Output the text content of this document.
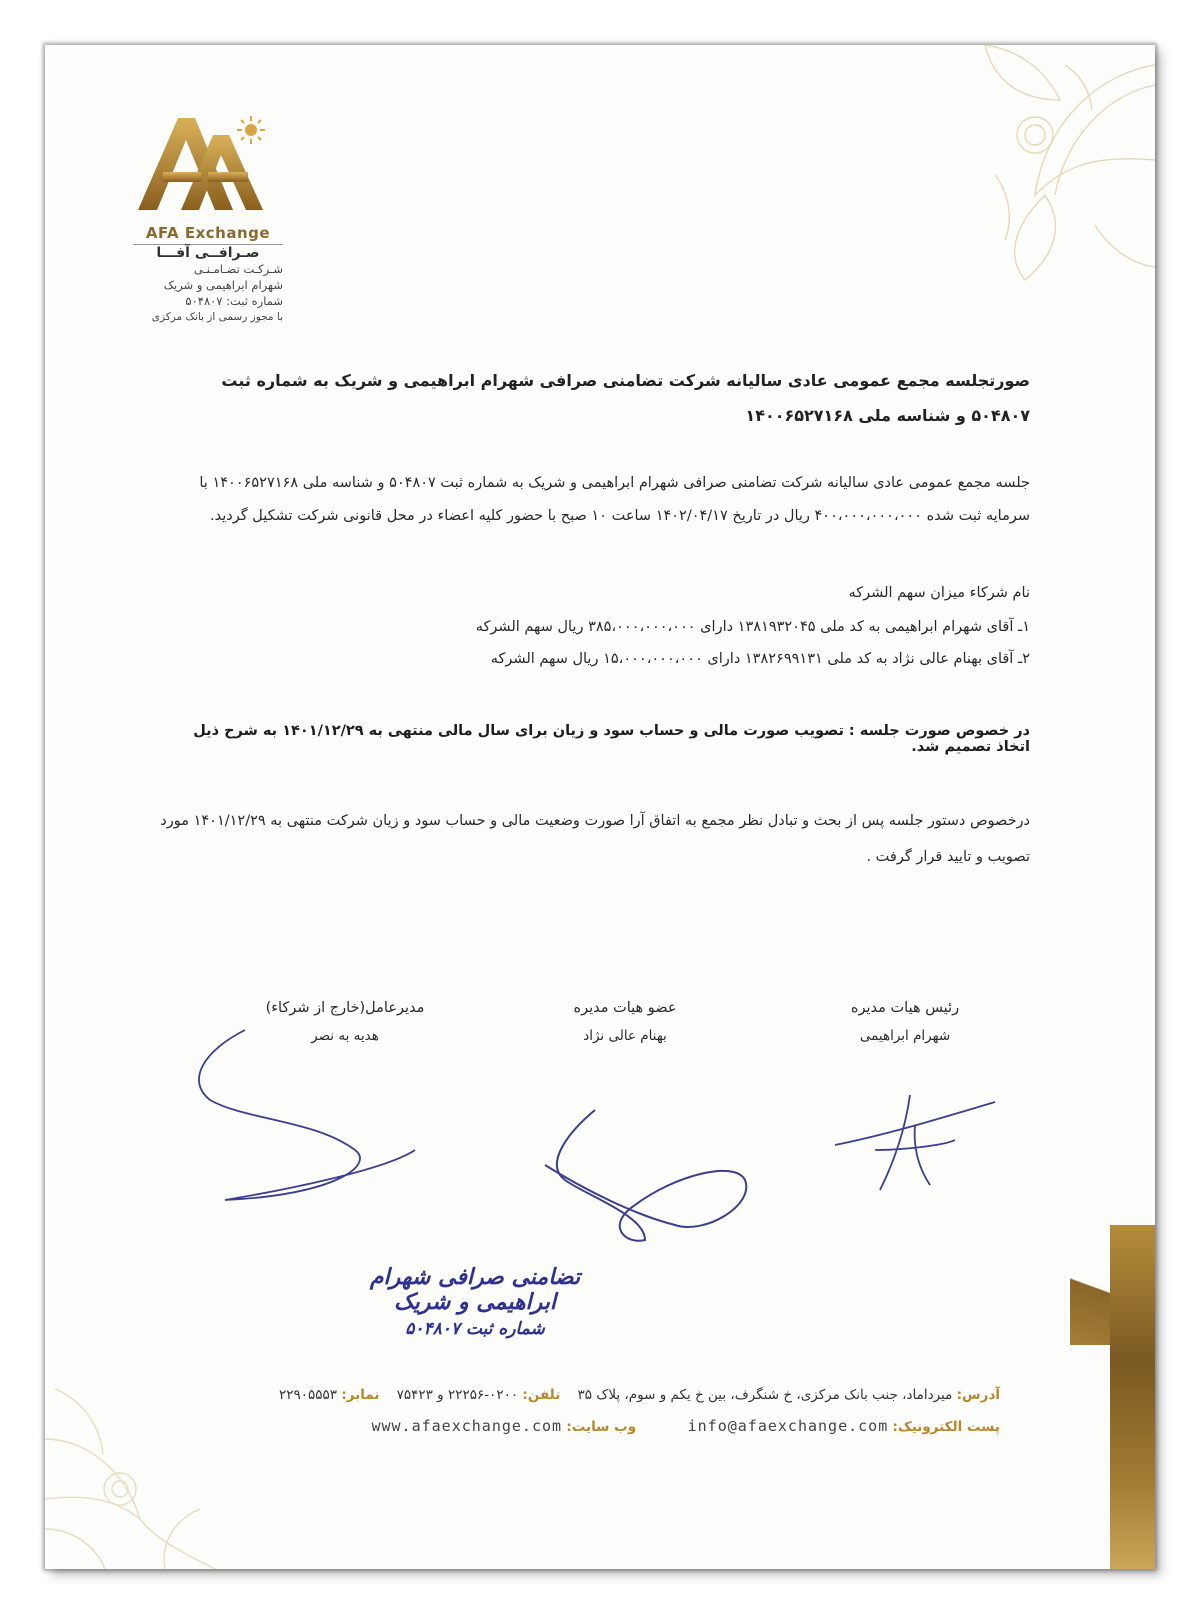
AFA Exchange
صـرافــی آفـــا
شـرکـت تضـامـنـی
شهرام ابراهیمی و شریک
شماره ثبت: ۵۰۴۸۰۷
با مجوز رسمی از بانک مرکزی
صورتجلسه مجمع عمومی عادی سالیانه شرکت تضامنی صرافی شهرام ابراهیمی و شریک به شماره ثبت ۵۰۴۸۰۷ و شناسه ملی ۱۴۰۰۶۵۲۷۱۶۸
جلسه مجمع عمومی عادی سالیانه شرکت تضامنی صرافی شهرام ابراهیمی و شریک به شماره ثبت ۵۰۴۸۰۷ و شناسه ملی ۱۴۰۰۶۵۲۷۱۶۸ با سرمایه ثبت شده ۴۰۰،۰۰۰،۰۰۰،۰۰۰ ریال در تاریخ ۱۴۰۲/۰۴/۱۷ ساعت ۱۰ صبح با حضور کلیه اعضاء در محل قانونی شرکت تشکیل گردید.
نام شرکاء میزان سهم الشرکه
۱ـ آقای شهرام ابراهیمی به کد ملی ۱۳۸۱۹۳۲۰۴۵ دارای ۳۸۵،۰۰۰،۰۰۰،۰۰۰ ریال سهم الشرکه
۲ـ آقای بهنام عالی نژاد به کد ملی ۱۳۸۲۶۹۹۱۳۱ دارای ۱۵،۰۰۰،۰۰۰،۰۰۰ ریال سهم الشرکه
در خصوص صورت جلسه : تصویب صورت مالی و حساب سود و زیان برای سال مالی منتهی به ۱۴۰۱/۱۲/۲۹ به شرح ذیل اتخاذ تصمیم شد.
درخصوص دستور جلسه پس از بحث و تبادل نظر مجمع به اتفاق آرا صورت وضعیت مالی و حساب سود و زیان شرکت منتهی به ۱۴۰۱/۱۲/۲۹ مورد تصویب و تایید قرار گرفت .
رئیس هیات مدیره
شهرام ابراهیمی
عضو هیات مدیره
بهنام عالی نژاد
مدیرعامل(خارج از شرکاء)
هدیه به نصر
تضامنی صرافی شهرام ابراهیمی و شریک
شماره ثبت ۵۰۴۸۰۷
آدرس: میرداماد، جنب بانک مرکزی، خ شنگرف، بین خ یکم و سوم، پلاک ۳۵    تلفن: ۰۲۰۰-۲۲۲۵۶ و ۷۵۴۲۳    نمابر: ۲۲۹۰۵۵۵۳
پست الکترونیک: info@afaexchange.com            وب سایت: www.afaexchange.com
